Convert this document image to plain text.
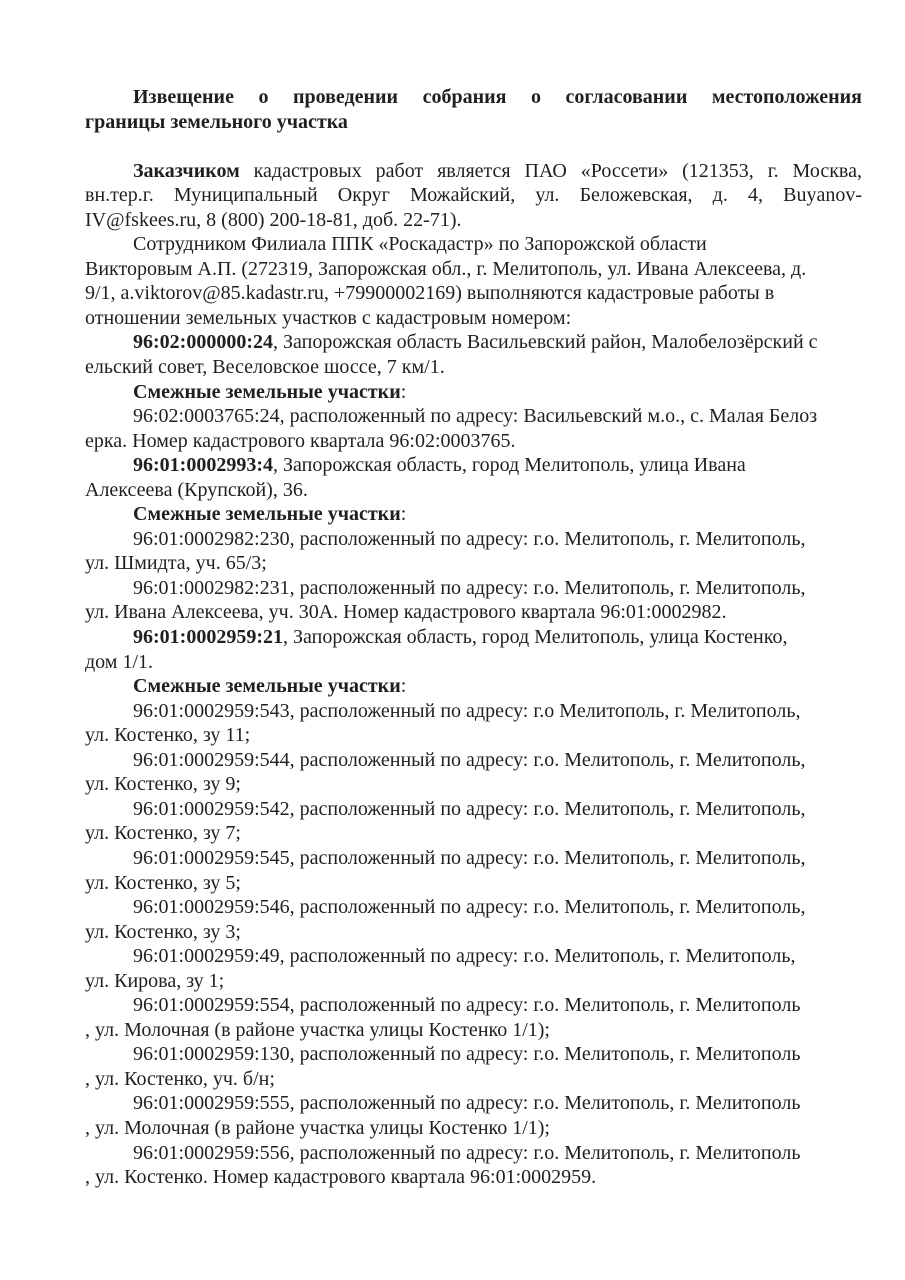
Извещение о проведении собрания о согласовании местоположения
границы земельного участка
Заказчиком кадастровых работ является ПАО «Россети» (121353, г. Москва,
вн.тер.г. Муниципальный Округ Можайский, ул. Беложевская, д. 4, Buyanov-
IV@fskees.ru, 8 (800) 200-18-81, доб. 22-71).
Сотрудником Филиала ППК «Роскадастр» по Запорожской области
Викторовым А.П. (272319, Запорожская обл., г. Мелитополь, ул. Ивана Алексеева, д.
9/1, a.viktorov@85.kadastr.ru, +79900002169) выполняются кадастровые работы в
отношении земельных участков с кадастровым номером:
96:02:000000:24, Запорожская область Васильевский район, Малобелозёрский с
ельский совет, Веселовское шоссе, 7 км/1.
Смежные земельные участки:
96:02:0003765:24, расположенный по адресу: Васильевский м.о., с. Малая Белоз
ерка. Номер кадастрового квартала 96:02:0003765.
96:01:0002993:4, Запорожская область, город Мелитополь, улица Ивана
Алексеева (Крупской), 36.
Смежные земельные участки:
96:01:0002982:230, расположенный по адресу: г.о. Мелитополь, г. Мелитополь,
ул. Шмидта, уч. 65/3;
96:01:0002982:231, расположенный по адресу: г.о. Мелитополь, г. Мелитополь,
ул. Ивана Алексеева, уч. 30А. Номер кадастрового квартала 96:01:0002982.
96:01:0002959:21, Запорожская область, город Мелитополь, улица Костенко,
дом 1/1.
Смежные земельные участки:
96:01:0002959:543, расположенный по адресу: г.о Мелитополь, г. Мелитополь,
ул. Костенко, зу 11;
96:01:0002959:544, расположенный по адресу: г.о. Мелитополь, г. Мелитополь,
ул. Костенко, зу 9;
96:01:0002959:542, расположенный по адресу: г.о. Мелитополь, г. Мелитополь,
ул. Костенко, зу 7;
96:01:0002959:545, расположенный по адресу: г.о. Мелитополь, г. Мелитополь,
ул. Костенко, зу 5;
96:01:0002959:546, расположенный по адресу: г.о. Мелитополь, г. Мелитополь,
ул. Костенко, зу 3;
96:01:0002959:49, расположенный по адресу: г.о. Мелитополь, г. Мелитополь,
ул. Кирова, зу 1;
96:01:0002959:554, расположенный по адресу: г.о. Мелитополь, г. Мелитополь
, ул. Молочная (в районе участка улицы Костенко 1/1);
96:01:0002959:130, расположенный по адресу: г.о. Мелитополь, г. Мелитополь
, ул. Костенко, уч. б/н;
96:01:0002959:555, расположенный по адресу: г.о. Мелитополь, г. Мелитополь
, ул. Молочная (в районе участка улицы Костенко 1/1);
96:01:0002959:556, расположенный по адресу: г.о. Мелитополь, г. Мелитополь
, ул. Костенко. Номер кадастрового квартала 96:01:0002959.
